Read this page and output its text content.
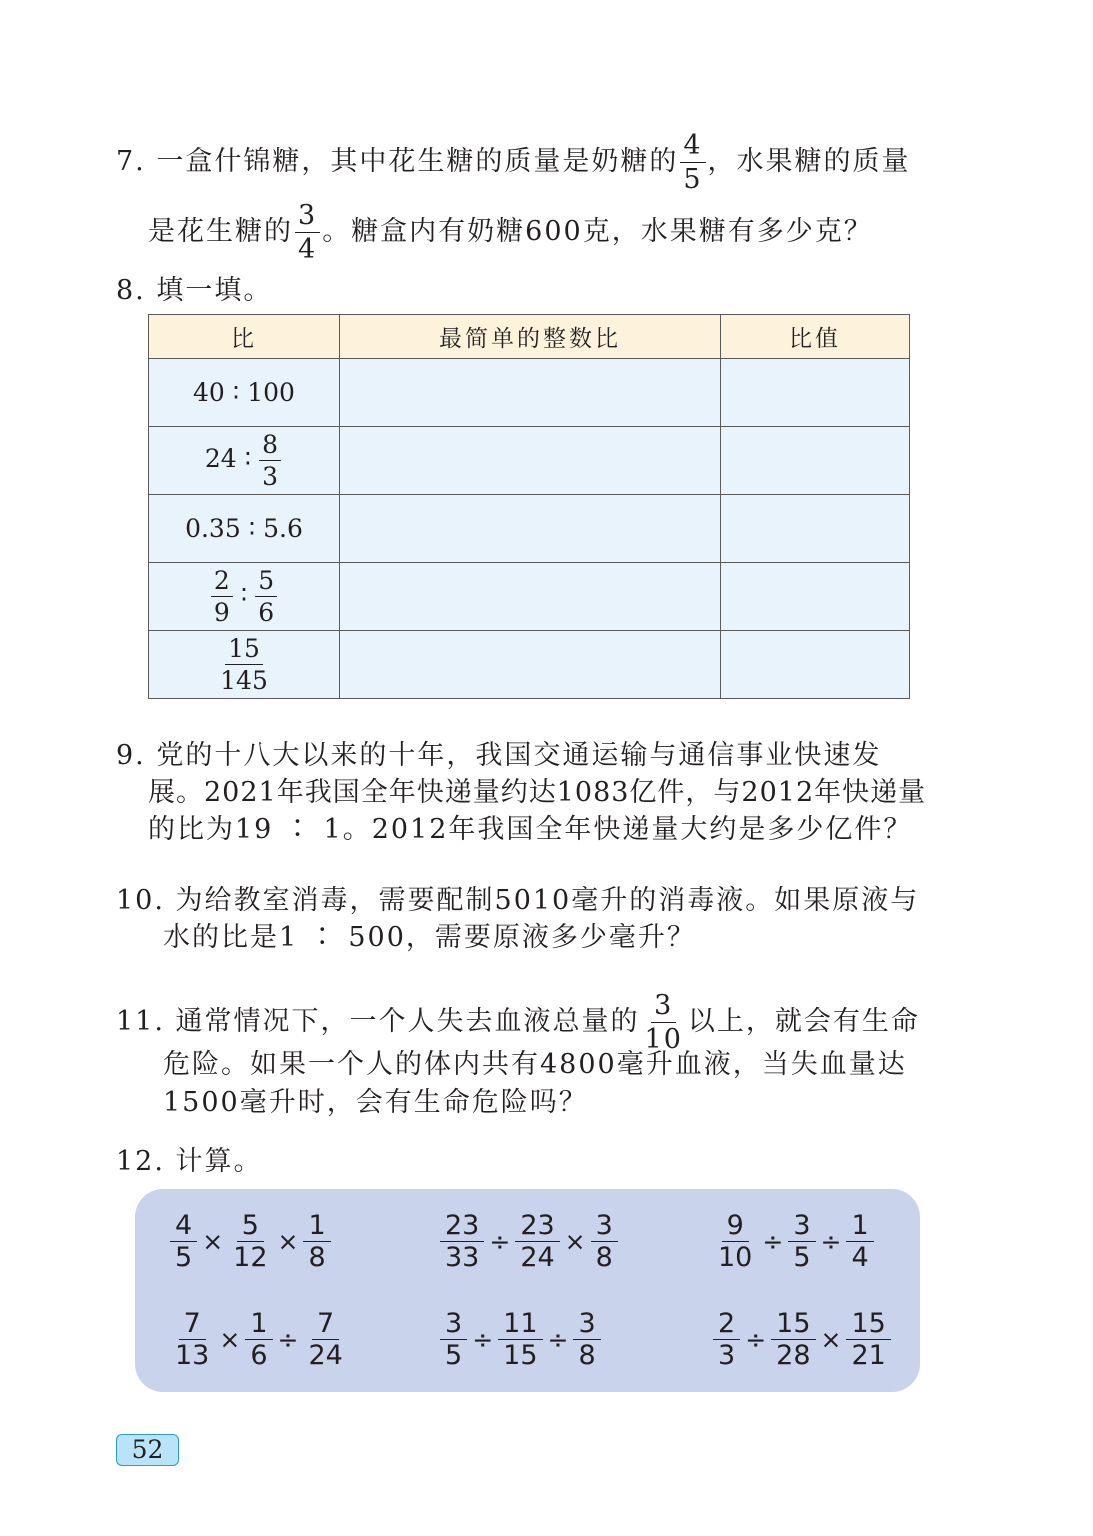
7. 一盒什锦糖，其中花生糖的质量是奶糖的 $\frac{4}{5}$ ，水果糖的质量
是花生糖的 $\frac{3}{4}$ 。糖盒内有奶糖600克，水果糖有多少克？
8. 填一填。
比	最简单的整数比	比值
40 ∶ 100		
24 ∶ $\frac{8}{3}$

0.35 ∶ 5.6		

$\frac{2}{9}$ ∶ $\frac{5}{6}$

$\frac{15}{145}$

9. 党的十八大以来的十年，我国交通运输与通信事业快速发
展。2021年我国全年快递量约达1083亿件，与2012年快递量
的比为19 ∶ 1。2012年我国全年快递量大约是多少亿件？
10. 为给教室消毒，需要配制5010毫升的消毒液。如果原液与
水的比是1 ∶ 500，需要原液多少毫升？
11. 通常情况下，一个人失去血液总量的 $\frac{3}{10}$ 以上，就会有生命
危险。如果一个人的体内共有4800毫升血液，当失血量达
1500毫升时，会有生命危险吗？
12. 计算。
$\frac{4}{5} \times \frac{5}{12} \times \frac{1}{8}$	$\frac{23}{33} \div \frac{23}{24} \times \frac{3}{8}$	$\frac{9}{10} \div \frac{3}{5} \div \frac{1}{4}$
$\frac{7}{13} \times \frac{1}{6} \div \frac{7}{24}$	$\frac{3}{5} \div \frac{11}{15} \div \frac{3}{8}$	$\frac{2}{3} \div \frac{15}{28} \times \frac{15}{21}$
52
